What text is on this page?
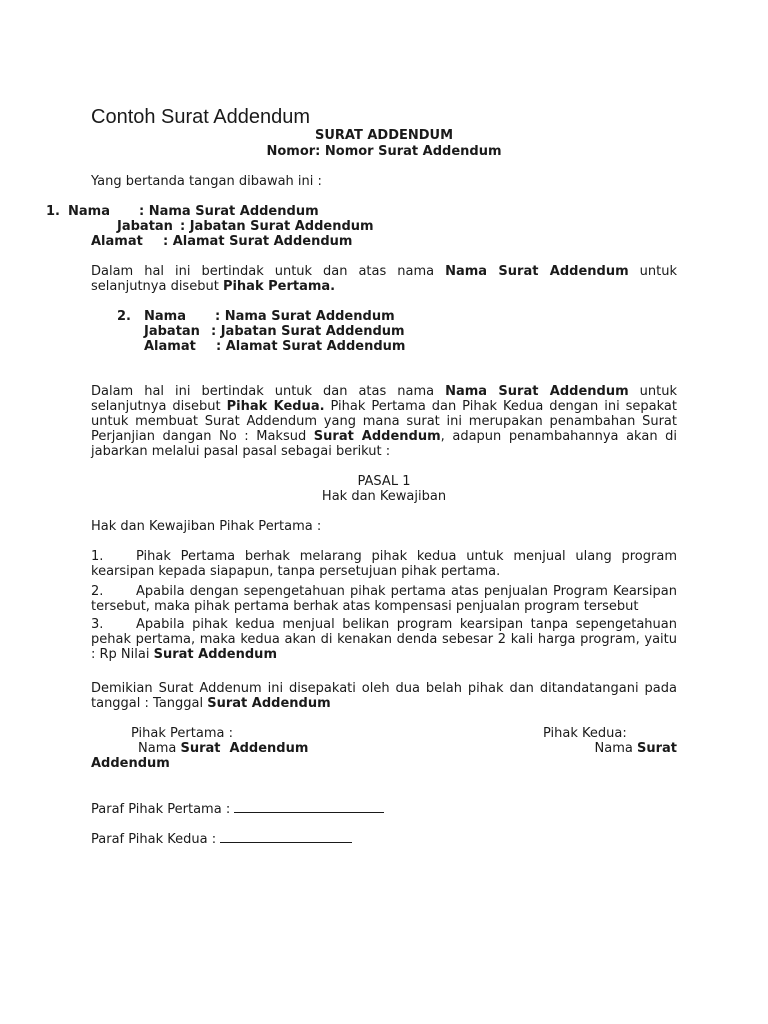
Contoh Surat Addendum
SURAT ADDENDUM
Nomor: Nomor Surat Addendum
Yang bertanda tangan dibawah ini :
1. Nama : Nama Surat Addendum
Jabatan : Jabatan Surat Addendum
Alamat : Alamat Surat Addendum
Dalam hal ini bertindak untuk dan atas nama Nama Surat Addendum untuk selanjutnya disebut Pihak Pertama.
2. Nama : Nama Surat Addendum
Jabatan : Jabatan Surat Addendum
Alamat : Alamat Surat Addendum
Dalam hal ini bertindak untuk dan atas nama Nama Surat Addendum untuk selanjutnya disebut Pihak Kedua. Pihak Pertama dan Pihak Kedua dengan ini sepakat untuk membuat Surat Addendum yang mana surat ini merupakan penambahan Surat Perjanjian dangan No : Maksud Surat Addendum, adapun penambahannya akan di jabarkan melalui pasal pasal sebagai berikut :
PASAL 1
Hak dan Kewajiban
Hak dan Kewajiban Pihak Pertama :
1.	Pihak Pertama berhak melarang pihak kedua untuk menjual ulang program kearsipan kepada siapapun, tanpa persetujuan pihak pertama.
2.	Apabila dengan sepengetahuan pihak pertama atas penjualan Program Kearsipan tersebut, maka pihak pertama berhak atas kompensasi penjualan program tersebut
3.	Apabila pihak kedua menjual belikan program kearsipan tanpa sepengetahuan pehak pertama, maka kedua akan di kenakan denda sebesar 2 kali harga program, yaitu : Rp Nilai Surat Addendum
Demikian Surat Addenum ini disepakati oleh dua belah pihak dan ditandatangani pada tanggal : Tanggal Surat Addendum
Pihak Pertama :	Pihak Kedua:
Nama Surat  Addendum	Nama Surat
Addendum
Paraf Pihak Pertama :
Paraf Pihak Kedua :
